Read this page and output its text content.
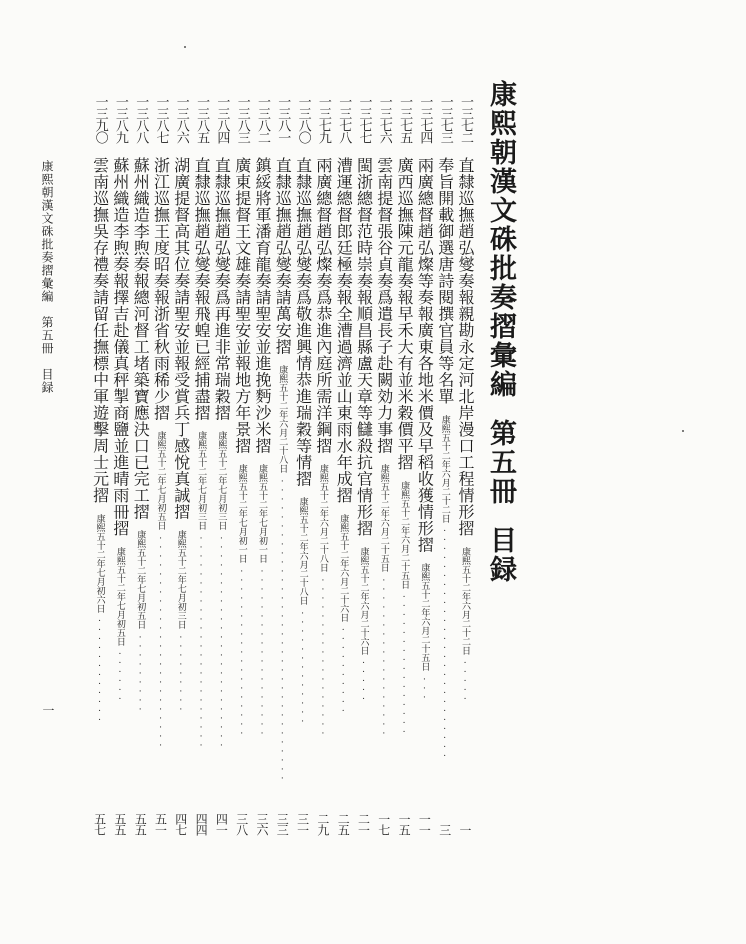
康熙朝漢文硃批奏摺彙編第五冊目録
一三七二
直隸巡撫趙弘燮奏報親勘永定河北岸漫口工程情形摺康熙五十二年六月二十二日·····
一
一三七三
奉旨開載御選唐詩閱撰官員等名單康熙五十二年六月二十二日··························
三
一三七四
兩廣總督趙弘燦等奏報廣東各地米價及早稻收獲情形摺康熙五十二年六月二十五日···
一一
一三七五
廣西巡撫陳元龍奏報早禾大有並米穀價平摺康熙五十二年六月二十五日················
一五
一三七六
雲南提督張谷貞奏爲遣長子赴闕効力事摺康熙五十二年六月二十五日··················
一七
一三七七
閩浙總督范時崇奏報順昌縣盧天章等讎殺抗官情形摺康熙五十二年六月二十六日·····
二一
一三七八
漕運總督郎廷極奏報全漕過濟並山東雨水年成摺康熙五十二年六月二十六日··········
二五
一三七九
兩廣總督趙弘燦奏爲恭進內庭所需洋鋼摺康熙五十二年六月二十八日··················
二九
一三八〇
直隸巡撫趙弘燮奏爲敬進興情恭進瑞穀等情摺康熙五十二年六月二十八日·············
三一
一三八一
直隸巡撫趙弘燮奏請萬安摺康熙五十二年六月二十八日··································
三三
一三八二
鎮綏將軍潘育龍奏請聖安並進挽麪沙米摺康熙五十二年七月初一日···················
三六
一三八三
廣東提督王文雄奏請聖安並報地方年景摺康熙五十二年七月初一日···················
三八
一三八四
直隸巡撫趙弘燮奏爲再進非常瑞穀摺康熙五十二年七月初三日························
四一
一三八五
直隸巡撫趙弘燮奏報飛蝗已經捕盡摺康熙五十二年七月初三日························
四四
一三八六
湖廣提督高其位奏請聖安並報受賞兵丁感悅真誠摺康熙五十二年七月初三日·········
四七
一三八七
浙江巡撫王度昭奏報浙省秋雨稀少摺康熙五十二年七月初五日························
五一
一三八八
蘇州織造李煦奏報總河督工堵築寶應決口已完工摺康熙五十二年七月初五日·········
五五
一三八九
蘇州織造李煦奏報擇吉赴儀真秤掣商鹽並進晴雨冊摺康熙五十二年七月初五日······
五五
一三九〇
雲南巡撫吳存禮奏請留任撫標中軍遊擊周士元摺康熙五十二年七月初六日············
五七
康熙朝漢文硃批奏摺彙編　第五冊　目録
一
